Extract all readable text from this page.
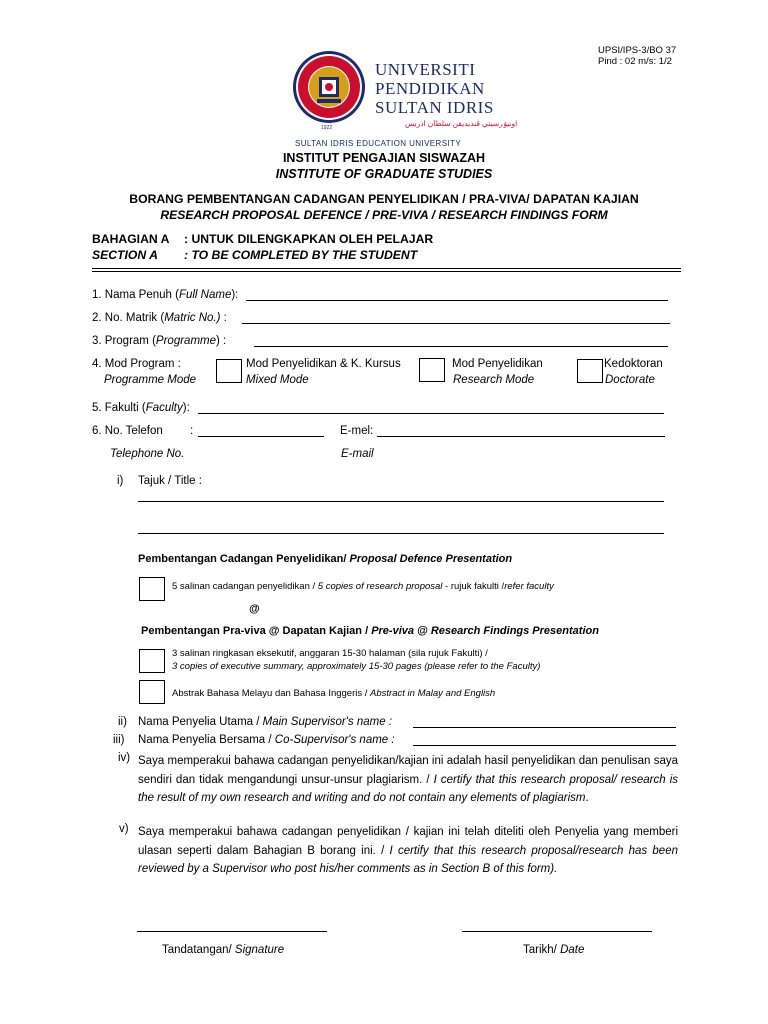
UPSI/IPS-3/BO 37
Pind : 02 m/s: 1/2
1922
UNIVERSITI
PENDIDIKAN
SULTAN IDRIS
اونيۏرسيتي ڤنديديقن سلطان ادريس
SULTAN IDRIS EDUCATION UNIVERSITY
INSTITUT PENGAJIAN SISWAZAH
INSTITUTE OF GRADUATE STUDIES
BORANG PEMBENTANGAN CADANGAN PENYELIDIKAN / PRA-VIVA/ DAPATAN KAJIAN
RESEARCH PROPOSAL DEFENCE / PRE-VIVA / RESEARCH FINDINGS FORM
BAHAGIAN A : UNTUK DILENGKAPKAN OLEH PELAJAR
SECTION A : TO BE COMPLETED BY THE STUDENT
1. Nama Penuh (Full Name):
2. No. Matrik (Matric No.) :
3. Program (Programme) :
4. Mod Program :
Programme Mode
Mod Penyelidikan & K. Kursus
Mixed Mode
Mod Penyelidikan
Research Mode
Kedoktoran
Doctorate
5. Fakulti (Faculty):
6. No. Telefon :	E-mel:
Telephone No.	E-mail
i) Tajuk / Title :
Pembentangan Cadangan Penyelidikan/ Proposal Defence Presentation
5 salinan cadangan penyelidikan / 5 copies of research proposal - rujuk fakulti /refer faculty
@
Pembentangan Pra-viva @ Dapatan Kajian / Pre-viva @ Research Findings Presentation
3 salinan ringkasan eksekutif, anggaran 15-30 halaman (sila rujuk Fakulti) /
3 copies of executive summary, approximately 15-30 pages (please refer to the Faculty)
Abstrak Bahasa Melayu dan Bahasa Inggeris / Abstract in Malay and English
ii) Nama Penyelia Utama / Main Supervisor's name :
iii) Nama Penyelia Bersama / Co-Supervisor's name :
iv) Saya memperakui bahawa cadangan penyelidikan/kajian ini adalah hasil penyelidikan dan penulisan saya sendiri dan tidak mengandungi unsur-unsur plagiarism. / I certify that this research proposal/ research is the result of my own research and writing and do not contain any elements of plagiarism.
v) Saya memperakui bahawa cadangan penyelidikan / kajian ini telah diteliti oleh Penyelia yang memberi ulasan seperti dalam Bahagian B borang ini. / I certify that this research proposal/research has been reviewed by a Supervisor who post his/her comments as in Section B of this form).
Tandatangan/ Signature	Tarikh/ Date
